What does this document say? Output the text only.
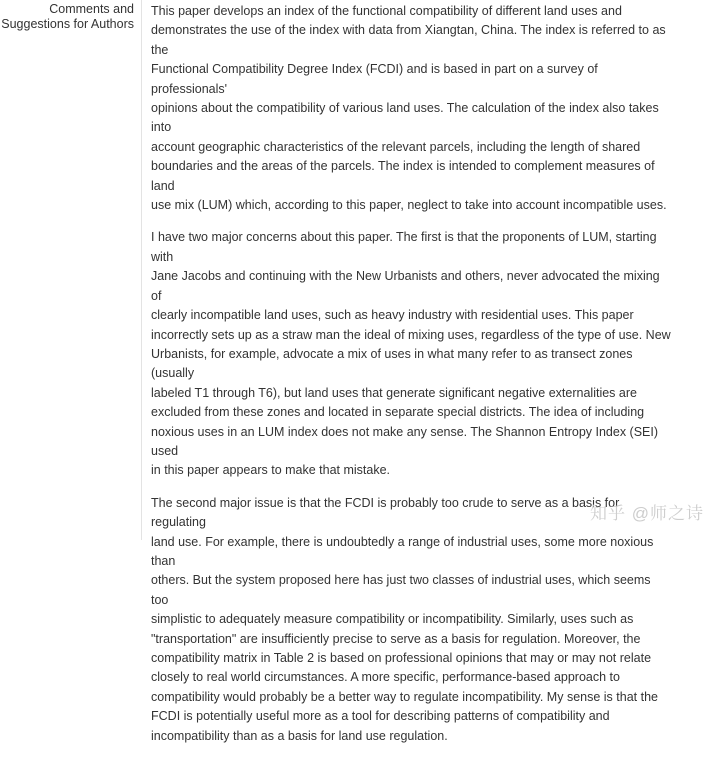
Comments and
Suggestions for Authors

This paper develops an index of the functional compatibility of different land uses and
demonstrates the use of the index with data from Xiangtan, China. The index is referred to as the
Functional Compatibility Degree Index (FCDI) and is based in part on a survey of professionals'
opinions about the compatibility of various land uses. The calculation of the index also takes into
account geographic characteristics of the relevant parcels, including the length of shared
boundaries and the areas of the parcels. The index is intended to complement measures of land
use mix (LUM) which, according to this paper, neglect to take into account incompatible uses.

I have two major concerns about this paper. The first is that the proponents of LUM, starting with
Jane Jacobs and continuing with the New Urbanists and others, never advocated the mixing of
clearly incompatible land uses, such as heavy industry with residential uses. This paper
incorrectly sets up as a straw man the ideal of mixing uses, regardless of the type of use. New
Urbanists, for example, advocate a mix of uses in what many refer to as transect zones (usually
labeled T1 through T6), but land uses that generate significant negative externalities are
excluded from these zones and located in separate special districts. The idea of including
noxious uses in an LUM index does not make any sense. The Shannon Entropy Index (SEI) used
in this paper appears to make that mistake.

The second major issue is that the FCDI is probably too crude to serve as a basis for regulating
land use. For example, there is undoubtedly a range of industrial uses, some more noxious than
others. But the system proposed here has just two classes of industrial uses, which seems too
simplistic to adequately measure compatibility or incompatibility. Similarly, uses such as
"transportation" are insufficiently precise to serve as a basis for regulation. Moreover, the
compatibility matrix in Table 2 is based on professional opinions that may or may not relate
closely to real world circumstances. A more specific, performance-based approach to
compatibility would probably be a better way to regulate incompatibility. My sense is that the
FCDI is potentially useful more as a tool for describing patterns of compatibility and
incompatibility than as a basis for land use regulation.

知乎 @师之诗
